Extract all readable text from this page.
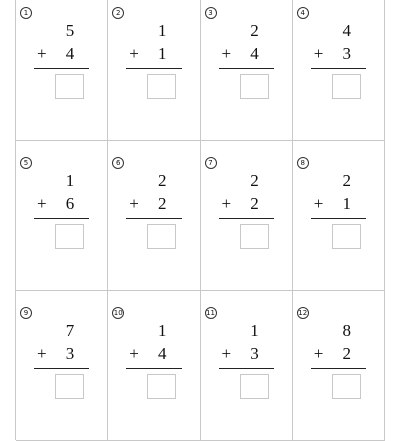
1
5
+ 4
2
1
+ 1
3
2
+ 4
4
4
+ 3
5
1
+ 6
6
2
+ 2
7
2
+ 2
8
2
+ 1
9
7
+ 3
10
1
+ 4
11
1
+ 3
12
8
+ 2
